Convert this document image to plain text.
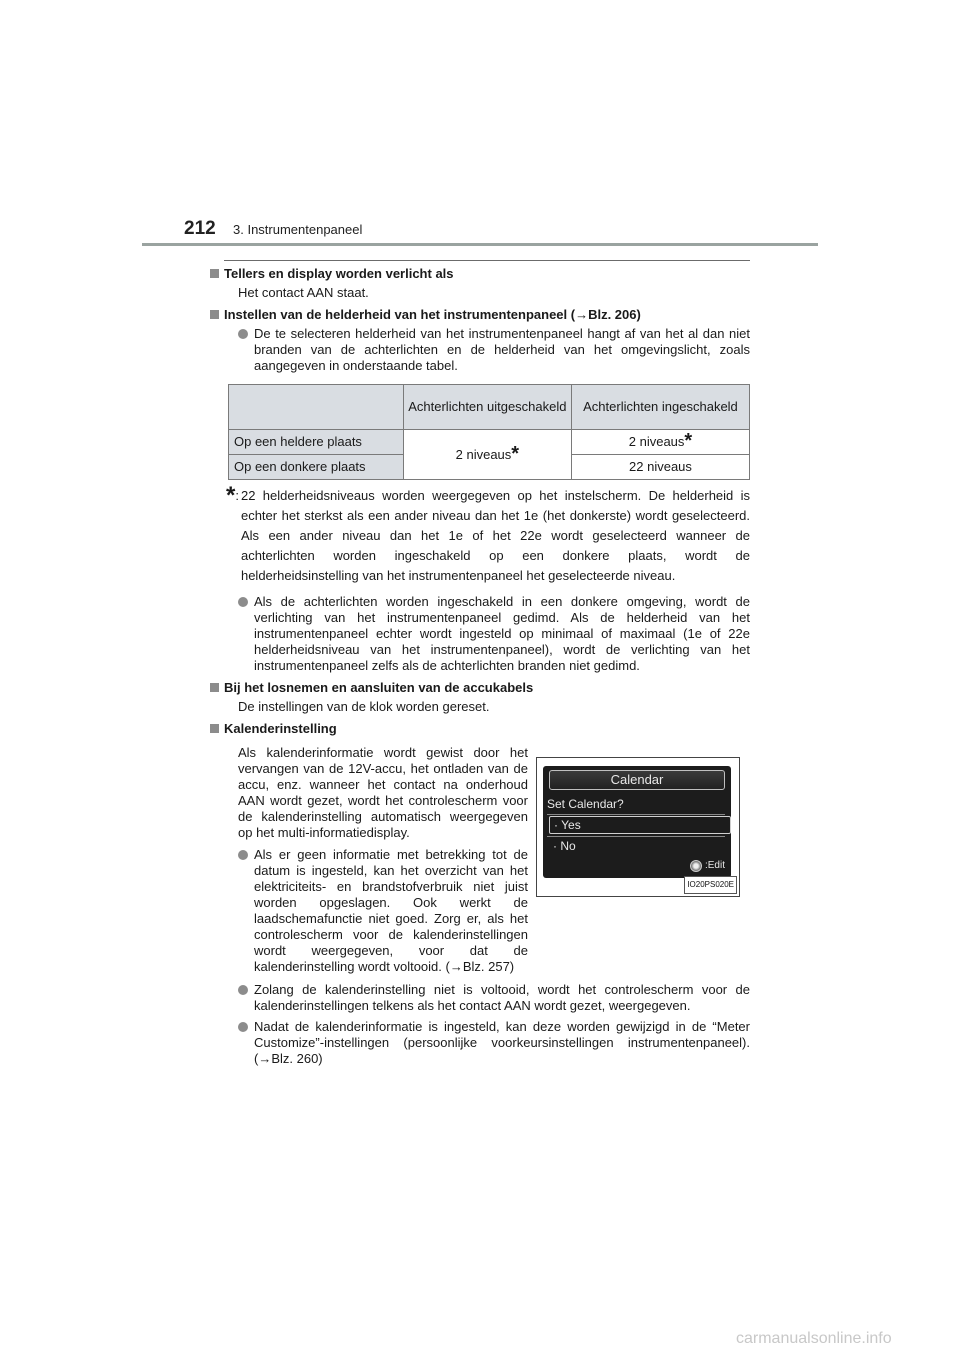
212 3. Instrumentenpaneel
Tellers en display worden verlicht als
Het contact AAN staat.
Instellen van de helderheid van het instrumentenpaneel (→Blz. 206)
De te selecteren helderheid van het instrumentenpaneel hangt af van het al dan niet branden van de achterlichten en de helderheid van het omgevingslicht, zoals aangegeven in onderstaande tabel.
	Achterlichten uitgeschakeld	Achterlichten ingeschakeld
Op een heldere plaats	2 niveaus*	2 niveaus*
Op een donkere plaats		22 niveaus
* : 22 helderheidsniveaus worden weergegeven op het instelscherm. De helderheid is echter het sterkst als een ander niveau dan het 1e (het donkerste) wordt geselecteerd. Als een ander niveau dan het 1e of het 22e wordt geselecteerd wanneer de achterlichten worden ingeschakeld op een donkere plaats, wordt de helderheidsinstelling van het instrumentenpaneel het geselecteerde niveau.
Als de achterlichten worden ingeschakeld in een donkere omgeving, wordt de verlichting van het instrumentenpaneel gedimd. Als de helderheid van het instrumentenpaneel echter wordt ingesteld op minimaal of maximaal (1e of 22e helderheidsniveau van het instrumentenpaneel), wordt de verlichting van het instrumentenpaneel zelfs als de achterlichten branden niet gedimd.
Bij het losnemen en aansluiten van de accukabels
De instellingen van de klok worden gereset.
Kalenderinstelling
Als kalenderinformatie wordt gewist door het vervangen van de 12V-accu, het ontladen van de accu, enz. wanneer het contact na onderhoud AAN wordt gezet, wordt het controlescherm voor de kalenderinstelling automatisch weergegeven op het multi-informatiedisplay.
Als er geen informatie met betrekking tot de datum is ingesteld, kan het overzicht van het elektriciteits- en brandstofverbruik niet juist worden opgeslagen. Ook werkt de laadschemafunctie niet goed. Zorg er, als het controlescherm voor de kalenderinstellingen wordt weergegeven, voor dat de kalenderinstelling wordt voltooid. (→Blz. 257)
Calendar
Set Calendar?
· Yes
· No
:Edit
IO20PS020E
Zolang de kalenderinstelling niet is voltooid, wordt het controlescherm voor de kalenderinstellingen telkens als het contact AAN wordt gezet, weergegeven.
Nadat de kalenderinformatie is ingesteld, kan deze worden gewijzigd in de “Meter Customize”-instellingen (persoonlijke voorkeursinstellingen instrumentenpaneel). (→Blz. 260)
carmanualsonline.info
